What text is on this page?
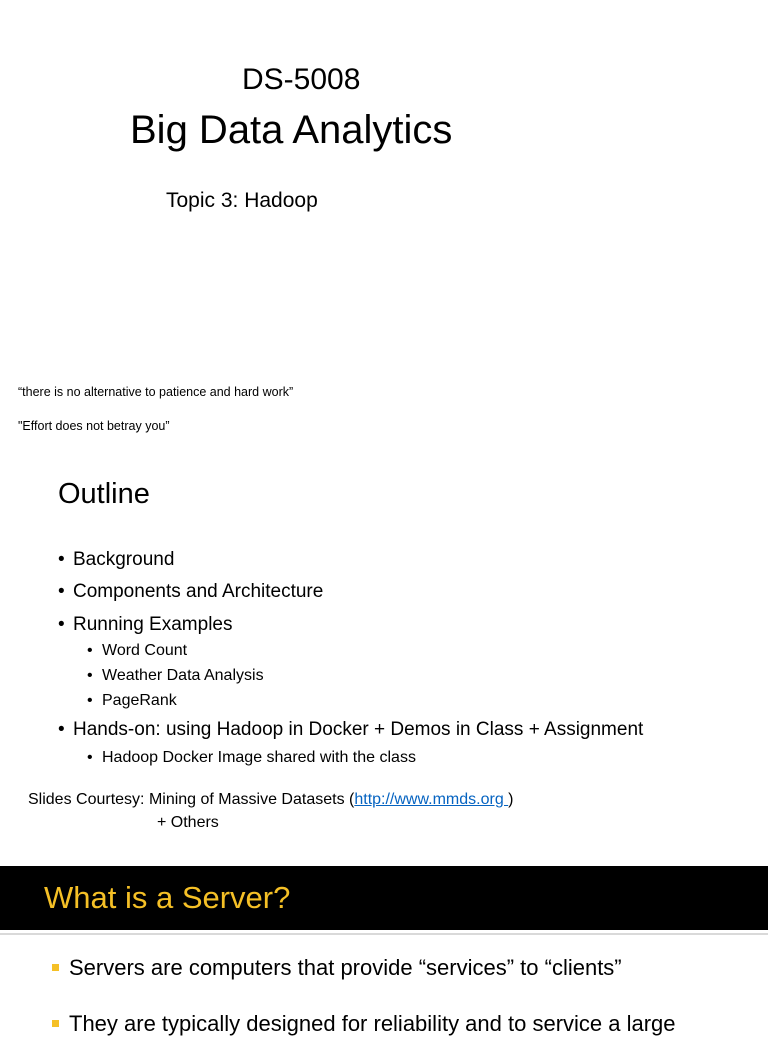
DS-5008
Big Data Analytics
Topic 3: Hadoop
“there is no alternative to patience and hard work”
"Effort does not betray you”
Outline
• Background
• Components and Architecture
• Running Examples
• Word Count
• Weather Data Analysis
• PageRank
• Hands-on: using Hadoop in Docker + Demos in Class + Assignment
• Hadoop Docker Image shared with the class
Slides Courtesy: Mining of Massive Datasets (http://www.mmds.org )
+ Others
What is a Server?
Servers are computers that provide “services” to “clients”
They are typically designed for reliability and to service a large
